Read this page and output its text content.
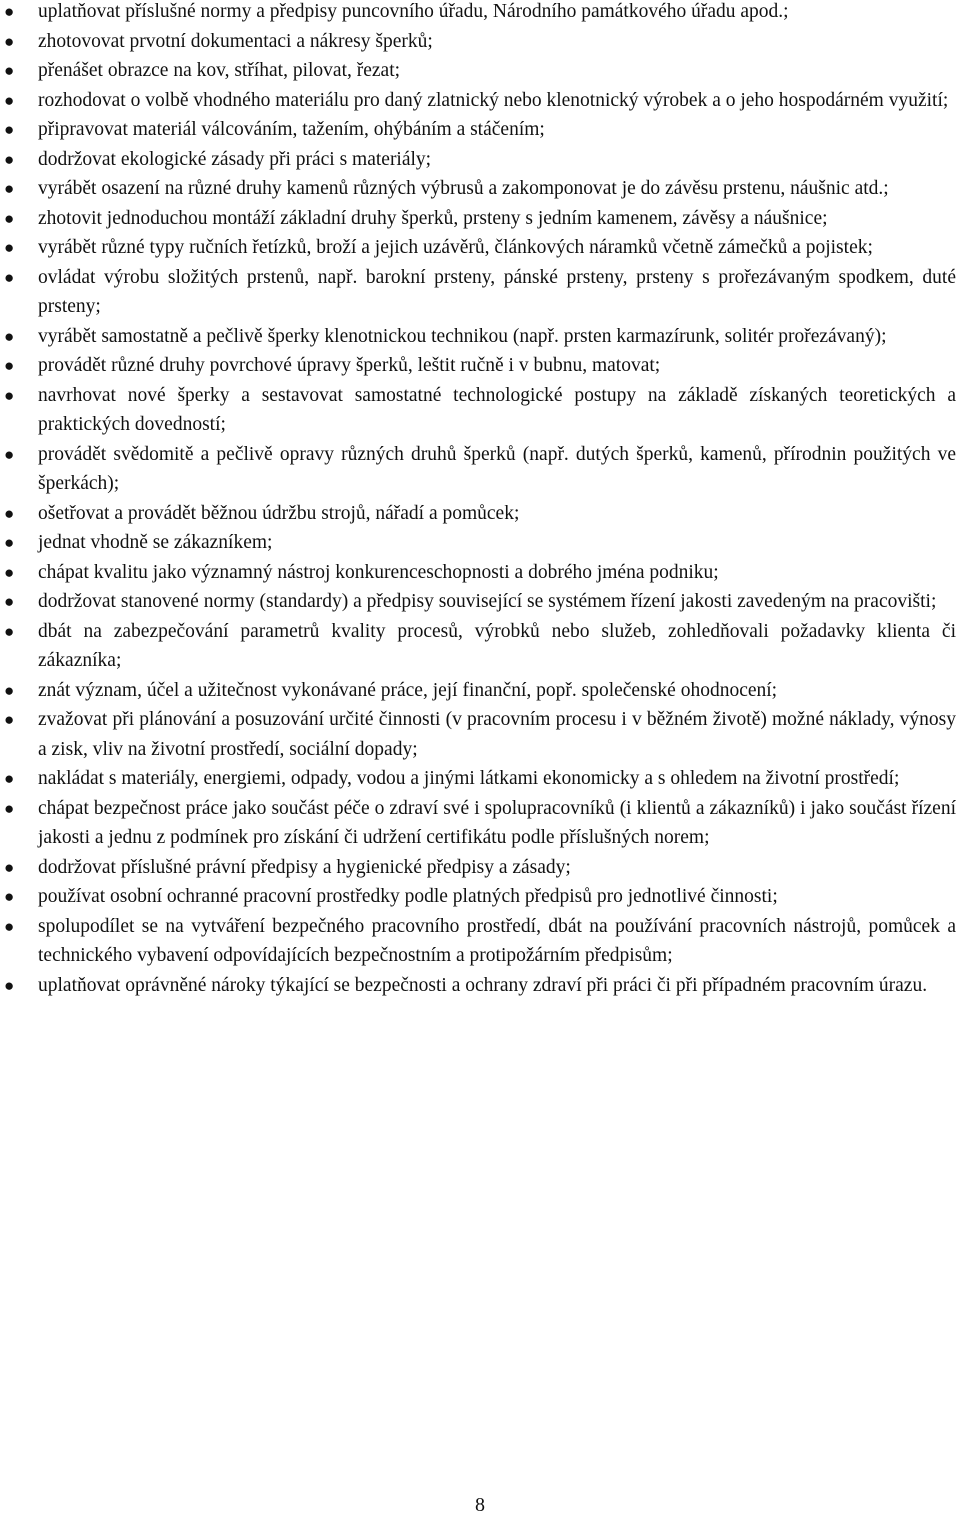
●	uplatňovat příslušné normy a předpisy puncovního úřadu, Národního památkového úřadu apod.;
●	zhotovovat prvotní dokumentaci a nákresy šperků;
●	přenášet obrazce na kov, stříhat, pilovat, řezat;
●	rozhodovat o volbě vhodného materiálu pro daný zlatnický nebo klenotnický výrobek a o jeho hospodárném využití;
●	připravovat materiál válcováním, tažením, ohýbáním a stáčením;
●	dodržovat ekologické zásady při práci s materiály;
●	vyrábět osazení na různé druhy kamenů různých výbrusů a zakomponovat je do závěsu prstenu, náušnic atd.;
●	zhotovit jednoduchou montáží základní druhy šperků, prsteny s jedním kamenem, závěsy a náušnice;
●	vyrábět různé typy ručních řetízků, broží a jejich uzávěrů, článkových náramků včetně zámečků a pojistek;
●	ovládat výrobu složitých prstenů, např. barokní prsteny, pánské prsteny, prsteny s prořezávaným spodkem, duté prsteny;
●	vyrábět samostatně a pečlivě šperky klenotnickou technikou (např. prsten karmazírunk, solitér prořezávaný);
●	provádět různé druhy povrchové úpravy šperků, leštit ručně i v bubnu, matovat;
●	navrhovat nové šperky a sestavovat samostatné technologické postupy na základě získaných teoretických a praktických dovedností;
●	provádět svědomitě a pečlivě opravy různých druhů šperků (např. dutých šperků, kamenů, přírodnin použitých ve šperkách);
●	ošetřovat a provádět běžnou údržbu strojů, nářadí a pomůcek;
●	jednat vhodně se zákazníkem;
●	chápat kvalitu jako významný nástroj konkurenceschopnosti a dobrého jména podniku;
●	dodržovat stanovené normy (standardy) a předpisy související se systémem řízení jakosti zavedeným na pracovišti;
●	dbát na zabezpečování parametrů kvality procesů, výrobků nebo služeb, zohledňovali požadavky klienta či zákazníka;
●	znát význam, účel a užitečnost vykonávané práce, její finanční, popř. společenské ohodnocení;
●	zvažovat při plánování a posuzování určité činnosti (v pracovním procesu i v běžném životě) možné náklady, výnosy a zisk, vliv na životní prostředí, sociální dopady;
●	nakládat s materiály, energiemi, odpady, vodou a jinými látkami ekonomicky a s ohledem na životní prostředí;
●	chápat bezpečnost práce jako součást péče o zdraví své i spolupracovníků (i klientů a zákazníků) i jako součást řízení jakosti a jednu z podmínek pro získání či udržení certifikátu podle příslušných norem;
●	dodržovat příslušné právní předpisy a hygienické předpisy a zásady;
●	používat osobní ochranné pracovní prostředky podle platných předpisů pro jednotlivé činnosti;
●	spolupodílet se na vytváření bezpečného pracovního prostředí, dbát na používání pracovních nástrojů, pomůcek a technického vybavení odpovídajících bezpečnostním a protipožárním předpisům;
●	uplatňovat oprávněné nároky týkající se bezpečnosti a ochrany zdraví při práci či při případném pracovním úrazu.
8
